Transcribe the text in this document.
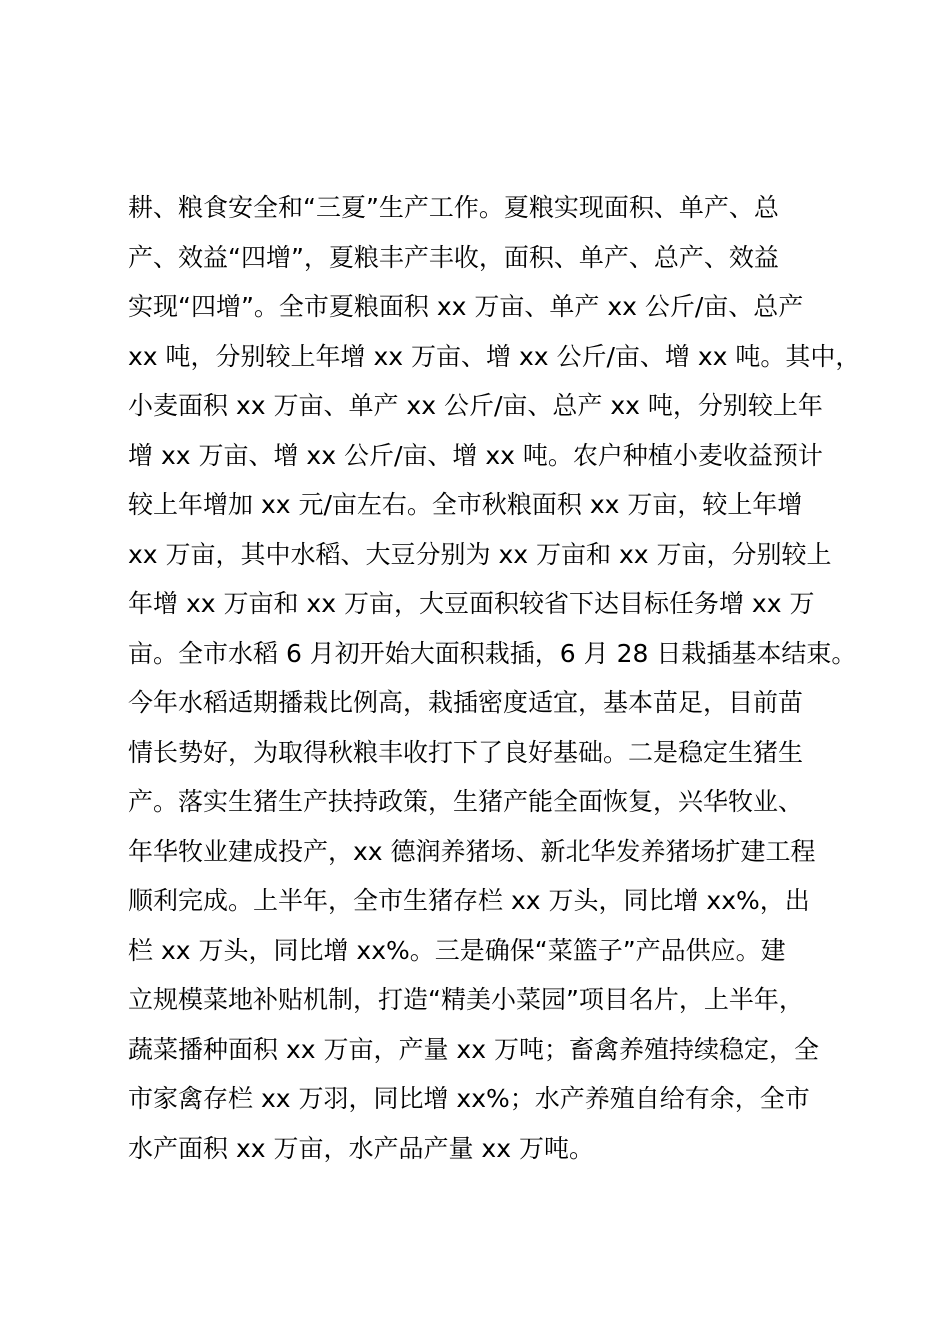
耕、粮食安全和“三夏”生产工作。夏粮实现面积、单产、总
产、效益“四增”，夏粮丰产丰收，面积、单产、总产、效益
实现“四增”。全市夏粮面积 xx 万亩、单产 xx 公斤/亩、总产
xx 吨，分别较上年增 xx 万亩、增 xx 公斤/亩、增 xx 吨。其中，
小麦面积 xx 万亩、单产 xx 公斤/亩、总产 xx 吨，分别较上年
增 xx 万亩、增 xx 公斤/亩、增 xx 吨。农户种植小麦收益预计
较上年增加 xx 元/亩左右。全市秋粮面积 xx 万亩，较上年增
xx 万亩，其中水稻、大豆分别为 xx 万亩和 xx 万亩，分别较上
年增 xx 万亩和 xx 万亩，大豆面积较省下达目标任务增 xx 万
亩。全市水稻 6 月初开始大面积栽插，6 月 28 日栽插基本结束。
今年水稻适期播栽比例高，栽插密度适宜，基本苗足，目前苗
情长势好，为取得秋粮丰收打下了良好基础。二是稳定生猪生
产。落实生猪生产扶持政策，生猪产能全面恢复，兴华牧业、
年华牧业建成投产，xx 德润养猪场、新北华发养猪场扩建工程
顺利完成。上半年，全市生猪存栏 xx 万头，同比增 xx%，出
栏 xx 万头，同比增 xx%。三是确保“菜篮子”产品供应。建
立规模菜地补贴机制，打造“精美小菜园”项目名片，上半年，
蔬菜播种面积 xx 万亩，产量 xx 万吨；畜禽养殖持续稳定，全
市家禽存栏 xx 万羽，同比增 xx%；水产养殖自给有余，全市
水产面积 xx 万亩，水产品产量 xx 万吨。
